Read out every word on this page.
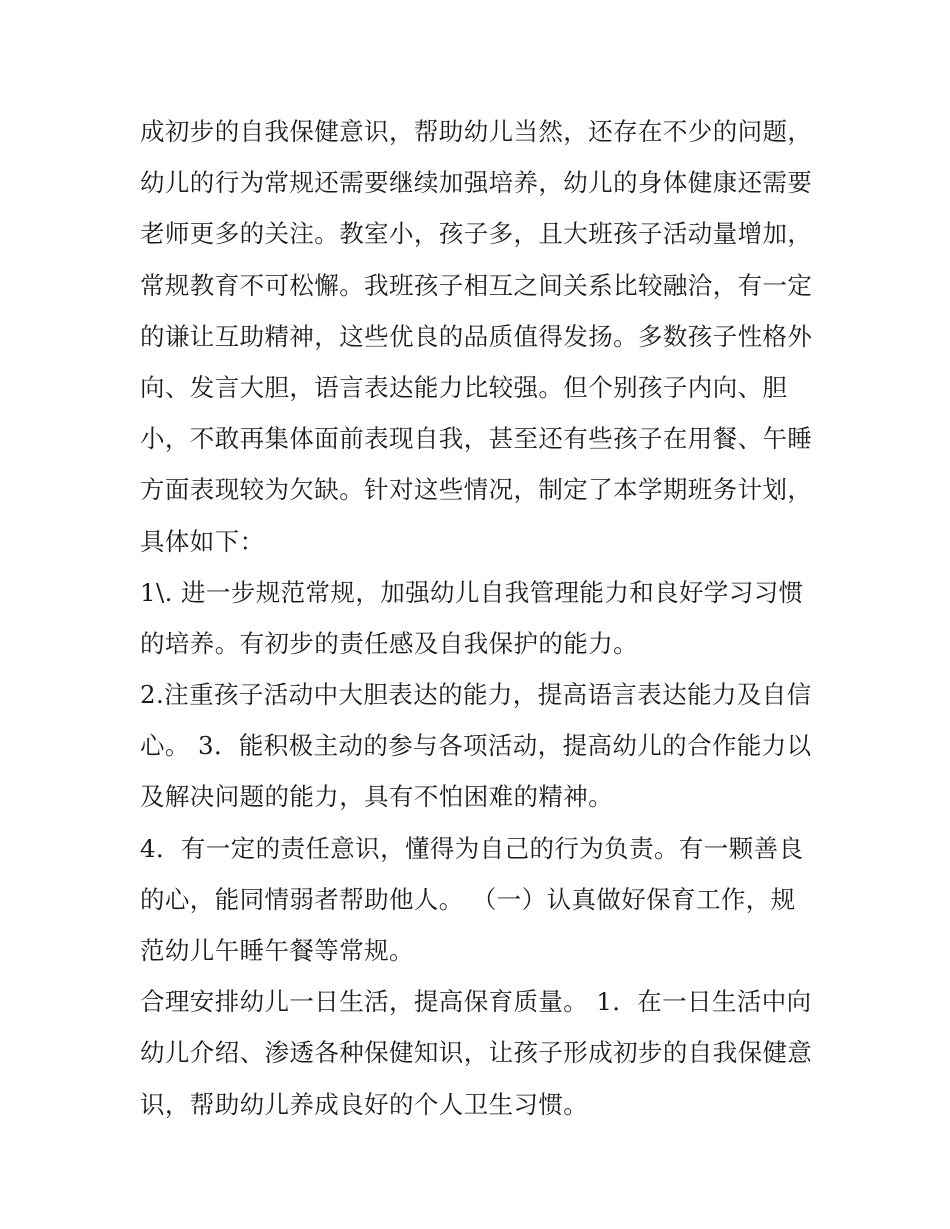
成初步的自我保健意识，帮助幼儿当然，还存在不少的问题，
幼儿的行为常规还需要继续加强培养，幼儿的身体健康还需要
老师更多的关注。教室小，孩子多，且大班孩子活动量增加，
常规教育不可松懈。我班孩子相互之间关系比较融洽，有一定
的谦让互助精神，这些优良的品质值得发扬。多数孩子性格外
向、发言大胆，语言表达能力比较强。但个别孩子内向、胆
小，不敢再集体面前表现自我，甚至还有些孩子在用餐、午睡
方面表现较为欠缺。针对这些情况，制定了本学期班务计划，
具体如下：
1\. 进一步规范常规，加强幼儿自我管理能力和良好学习习惯
的培养。有初步的责任感及自我保护的能力。
2.注重孩子活动中大胆表达的能力，提高语言表达能力及自信
心。 3．能积极主动的参与各项活动，提高幼儿的合作能力以
及解决问题的能力，具有不怕困难的精神。
4．有一定的责任意识，懂得为自己的行为负责。有一颗善良
的心，能同情弱者帮助他人。 （一）认真做好保育工作，规
范幼儿午睡午餐等常规。
合理安排幼儿一日生活，提高保育质量。 1．在一日生活中向
幼儿介绍、渗透各种保健知识，让孩子形成初步的自我保健意
识，帮助幼儿养成良好的个人卫生习惯。
